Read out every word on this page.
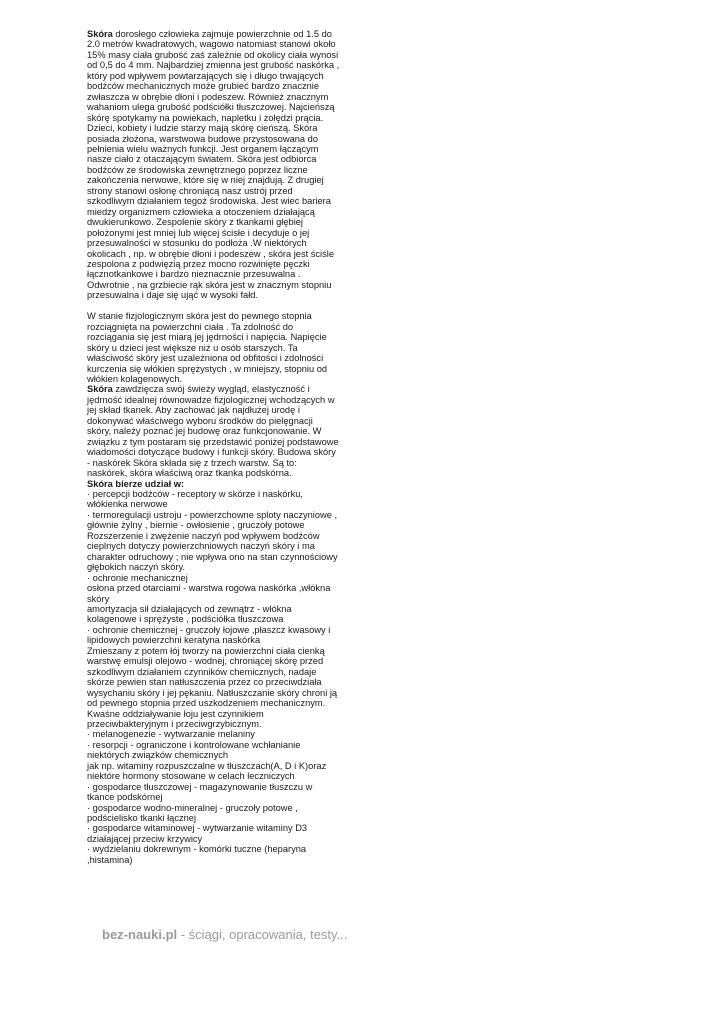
Skóra dorosłego człowieka zajmuje powierzchnie od 1.5 do
2.0 metrów kwadratowych, wagowo natomiast stanowi około
15% masy ciała grubość zaś zależnie od okolicy ciała wynosi
od 0,5 do 4 mm. Najbardziej zmienna jest grubość naskórka ,
który pod wpływem powtarzających się i długo trwających
bodźców mechanicznych może grubieć bardzo znacznie
zwłaszcza w obrębie dłoni i podeszew. Również znacznym
wahaniom ulega grubość podściółki tłuszczowej. Najcieńszą
skórę spotykamy na powiekach, napletku i żołędzi prącia.
Dzieci, kobiety i ludzie starzy mają skórę cieńszą. Skóra
posiada złożona, warstwowa budowe przystosowana do
pełnienia wielu ważnych funkcji. Jest organem łączącym
nasze ciało z otaczającym światem. Skóra jest odbiorca
bodźców ze środowiska zewnętrznego poprzez liczne
zakończenia nerwowe, które się w niej znajdują. Z drugiej
strony stanowi osłonę chroniącą nasz ustrój przed
szkodliwym działaniem tegoż środowiska. Jest wiec bariera
miedzy organizmem człowieka a otoczeniem działającą
dwukierunkowo. Zespolenie skóry z tkankami głębiej
położonymi jest mniej lub więcej ścisłe i decyduje o jej
przesuwalności w stosunku do podłoża .W niektórych
okolicach , np. w obrębie dłoni i podeszew , skóra jest ściśle
zespolona z podwięzią przez mocno rozwinięte pęczki
łącznotkankowe i bardzo nieznacznie przesuwalna .
Odwrotnie , na grzbiecie rąk skóra jest w znacznym stopniu
przesuwalna i daje się ująć w wysoki fałd.
W stanie fizjologicznym skóra jest do pewnego stopnia
rozciągnięta na powierzchni ciała . Ta zdolność do
rozciągania się jest miarą jej jędrności i napięcia. Napięcie
skóry u dzieci jest większe niż u osób starszych. Ta
właściwość skóry jest uzależniona od obfitości i zdolności
kurczenia się włókien sprężystych , w mniejszy, stopniu od
włókien kolagenowych.
Skóra zawdzięcza swój świeży wygląd, elastyczność i
jędrność idealnej równowadze fizjologicznej wchodzących w
jej skład tkanek. Aby zachować jak najdłużej urodę i
dokonywać właściwego wyboru środków do pielęgnacji
skóry, należy poznać jej budowę oraz funkcjonowanie. W
związku z tym postaram się przedstawić poniżej podstawowe
wiadomości dotyczące budowy i funkcji skóry. Budowa skóry
- naskórek Skóra składa się z trzech warstw. Są to:
naskórek, skóra właściwą oraz tkanka podskórna.
Skóra bierze udział w:
· percepcji bodźców - receptory w skórze i naskórku,
włókienka nerwowe
· termoregulacji ustroju - powierzchowne sploty naczyniowe ,
głównie żylny , biernie - owłosienie , gruczoły potowe
Rozszerzenie i zwężenie naczyń pod wpływem bodźców
cieplnych dotyczy powierzchniowych naczyń skóry i ma
charakter odruchowy ; nie wpływa ono na stan czynnościowy
głębokich naczyń skóry.
· ochronie mechanicznej
osłona przed otarciami - warstwa rogowa naskórka ,włókna
skóry
amortyzacja sił działających od zewnątrz - włókna
kolagenowe i sprężyste , podściółka tłuszczowa
· ochronie chemicznej - gruczoły łojowe ,płaszcz kwasowy i
lipidowych powierzchni keratyna naskórka
Zmieszany z potem łój tworzy na powierzchni ciała cienką
warstwę emulsji olejowo - wodnej, chroniącej skórę przed
szkodliwym działaniem czynników chemicznych, nadaje
skórze pewien stan natłuszczenia przez co przeciwdziała
wysychaniu skóry i jej pękaniu. Natłuszczanie skóry chroni ją
od pewnego stopnia przed uszkodzeniem mechanicznym.
Kwaśne oddziaływanie łoju jest czynnikiem
przeciwbakteryjnym i przeciwgrzybicznym.
· melanogenezie - wytwarzanie melaniny
· resorpcji - ograniczone i kontrolowane wchłanianie
niektórych związków chemicznych
jak np. witaminy rozpuszczalne w tłuszczach(A, D i K)oraz
niektóre hormony stosowane w celach leczniczych
· gospodarce tłuszczowej - magazynowanie tłuszczu w
tkance podskórnej
· gospodarce wodno-mineralnej - gruczoły potowe ,
podścielisko tkanki łącznej
· gospodarce witaminowej - wytwarzanie witaminy D3
działającej przeciw krzywicy
· wydzielaniu dokrewnym - komórki tuczne (heparyna
,histamina)
bez-nauki.pl - ściągi, opracowania, testy...
